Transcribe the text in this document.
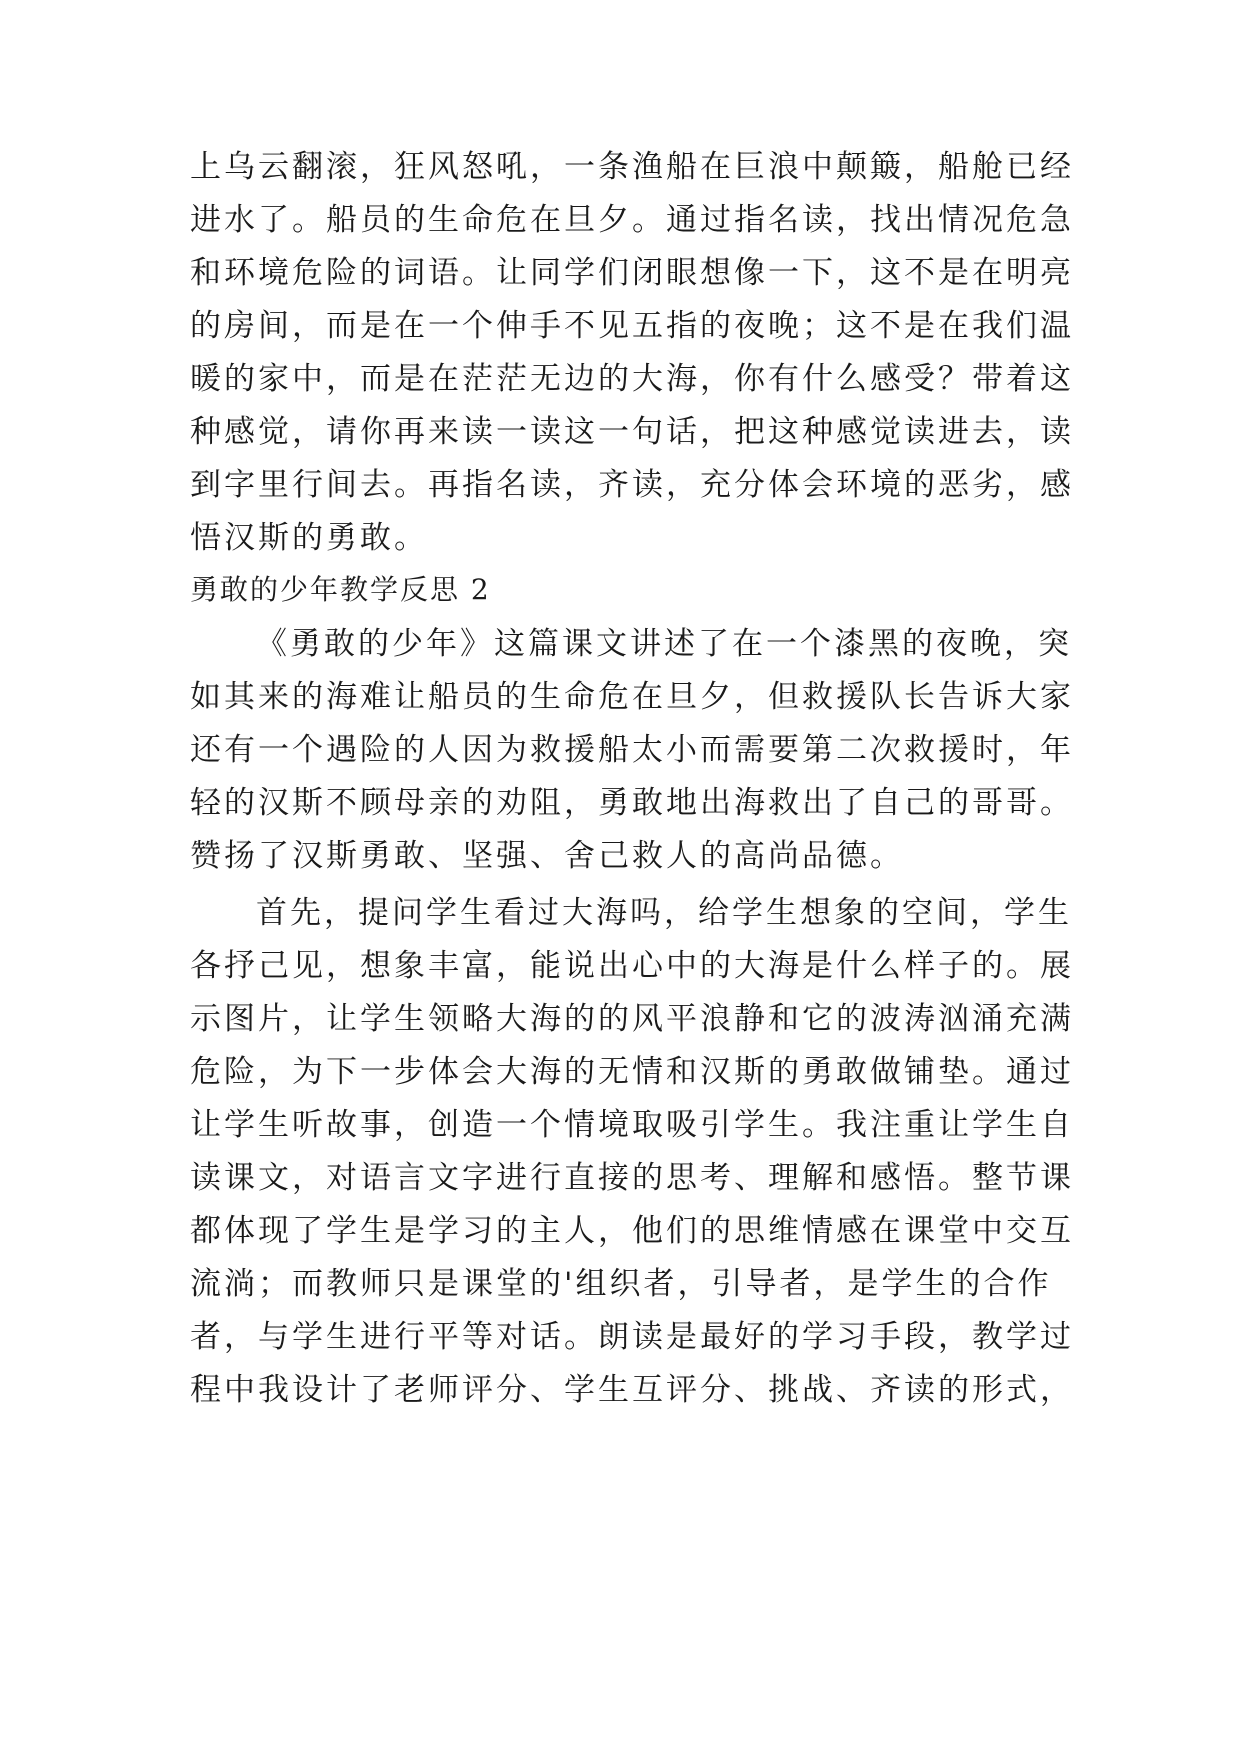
上乌云翻滚，狂风怒吼，一条渔船在巨浪中颠簸，船舱已经
进水了。船员的生命危在旦夕。通过指名读，找出情况危急
和环境危险的词语。让同学们闭眼想像一下，这不是在明亮
的房间，而是在一个伸手不见五指的夜晚；这不是在我们温
暖的家中，而是在茫茫无边的大海，你有什么感受？带着这
种感觉，请你再来读一读这一句话，把这种感觉读进去，读
到字里行间去。再指名读，齐读，充分体会环境的恶劣，感
悟汉斯的勇敢。
勇敢的少年教学反思 2
《勇敢的少年》这篇课文讲述了在一个漆黑的夜晚，突
如其来的海难让船员的生命危在旦夕，但救援队长告诉大家
还有一个遇险的人因为救援船太小而需要第二次救援时，年
轻的汉斯不顾母亲的劝阻，勇敢地出海救出了自己的哥哥。
赞扬了汉斯勇敢、坚强、舍己救人的高尚品德。
首先，提问学生看过大海吗，给学生想象的空间，学生
各抒己见，想象丰富，能说出心中的大海是什么样子的。展
示图片，让学生领略大海的的风平浪静和它的波涛汹涌充满
危险，为下一步体会大海的无情和汉斯的勇敢做铺垫。通过
让学生听故事，创造一个情境取吸引学生。我注重让学生自
读课文，对语言文字进行直接的思考、理解和感悟。整节课
都体现了学生是学习的主人，他们的思维情感在课堂中交互
流淌；而教师只是课堂的'组织者，引导者，是学生的合作
者，与学生进行平等对话。朗读是最好的学习手段，教学过
程中我设计了老师评分、学生互评分、挑战、齐读的形式，
